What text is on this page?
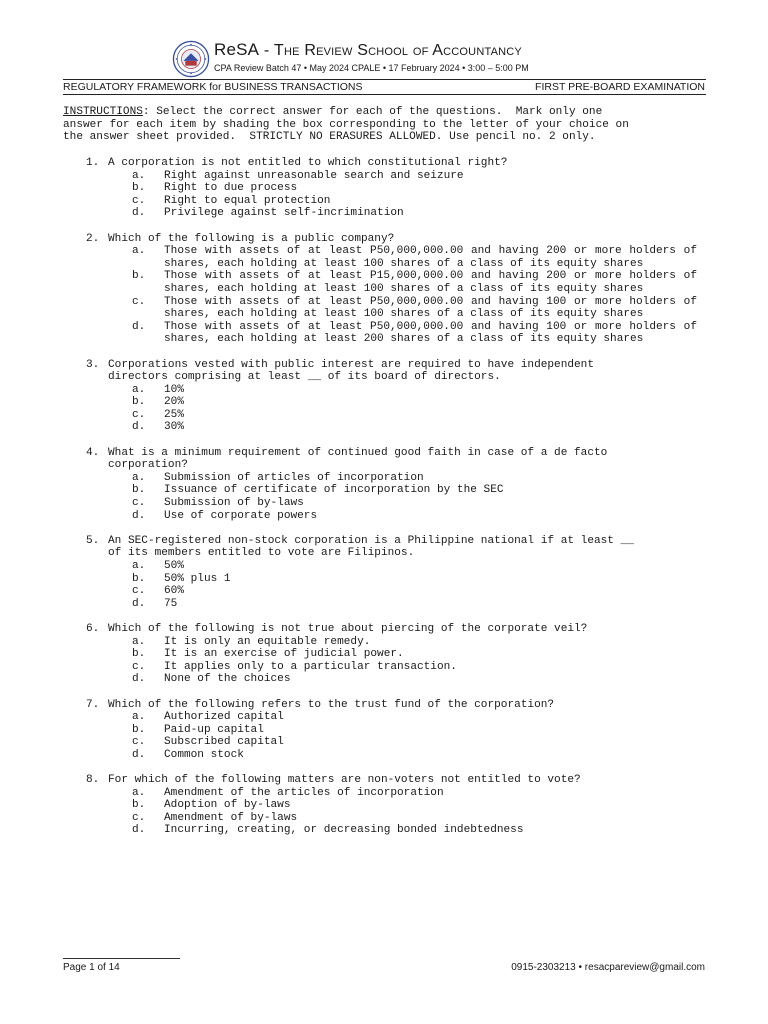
ReSA - The Review School of Accountancy
CPA Review Batch 47 • May 2024 CPALE • 17 February 2024 • 3:00 – 5:00 PM
REGULATORY FRAMEWORK for BUSINESS TRANSACTIONS	FIRST PRE-BOARD EXAMINATION
INSTRUCTIONS: Select the correct answer for each of the questions.  Mark only one
answer for each item by shading the box corresponding to the letter of your choice on
the answer sheet provided.  STRICTLY NO ERASURES ALLOWED. Use pencil no. 2 only.
1. A corporation is not entitled to which constitutional right?
a. Right against unreasonable search and seizure
b. Right to due process
c. Right to equal protection
d. Privilege against self-incrimination
2. Which of the following is a public company?
a. Those with assets of at least P50,000,000.00 and having 200 or more holders of shares, each holding at least 100 shares of a class of its equity shares
b. Those with assets of at least P15,000,000.00 and having 200 or more holders of shares, each holding at least 100 shares of a class of its equity shares
c. Those with assets of at least P50,000,000.00 and having 100 or more holders of shares, each holding at least 100 shares of a class of its equity shares
d. Those with assets of at least P50,000,000.00 and having 100 or more holders of shares, each holding at least 200 shares of a class of its equity shares
3. Corporations vested with public interest are required to have independent
directors comprising at least __ of its board of directors.
a. 10%
b. 20%
c. 25%
d. 30%
4. What is a minimum requirement of continued good faith in case of a de facto
corporation?
a. Submission of articles of incorporation
b. Issuance of certificate of incorporation by the SEC
c. Submission of by-laws
d. Use of corporate powers
5. An SEC-registered non-stock corporation is a Philippine national if at least __
of its members entitled to vote are Filipinos.
a. 50%
b. 50% plus 1
c. 60%
d. 75
6. Which of the following is not true about piercing of the corporate veil?
a. It is only an equitable remedy.
b. It is an exercise of judicial power.
c. It applies only to a particular transaction.
d. None of the choices
7. Which of the following refers to the trust fund of the corporation?
a. Authorized capital
b. Paid-up capital
c. Subscribed capital
d. Common stock
8. For which of the following matters are non-voters not entitled to vote?
a. Amendment of the articles of incorporation
b. Adoption of by-laws
c. Amendment of by-laws
d. Incurring, creating, or decreasing bonded indebtedness
Page 1 of 14	0915-2303213 • resacpareview@gmail.com
